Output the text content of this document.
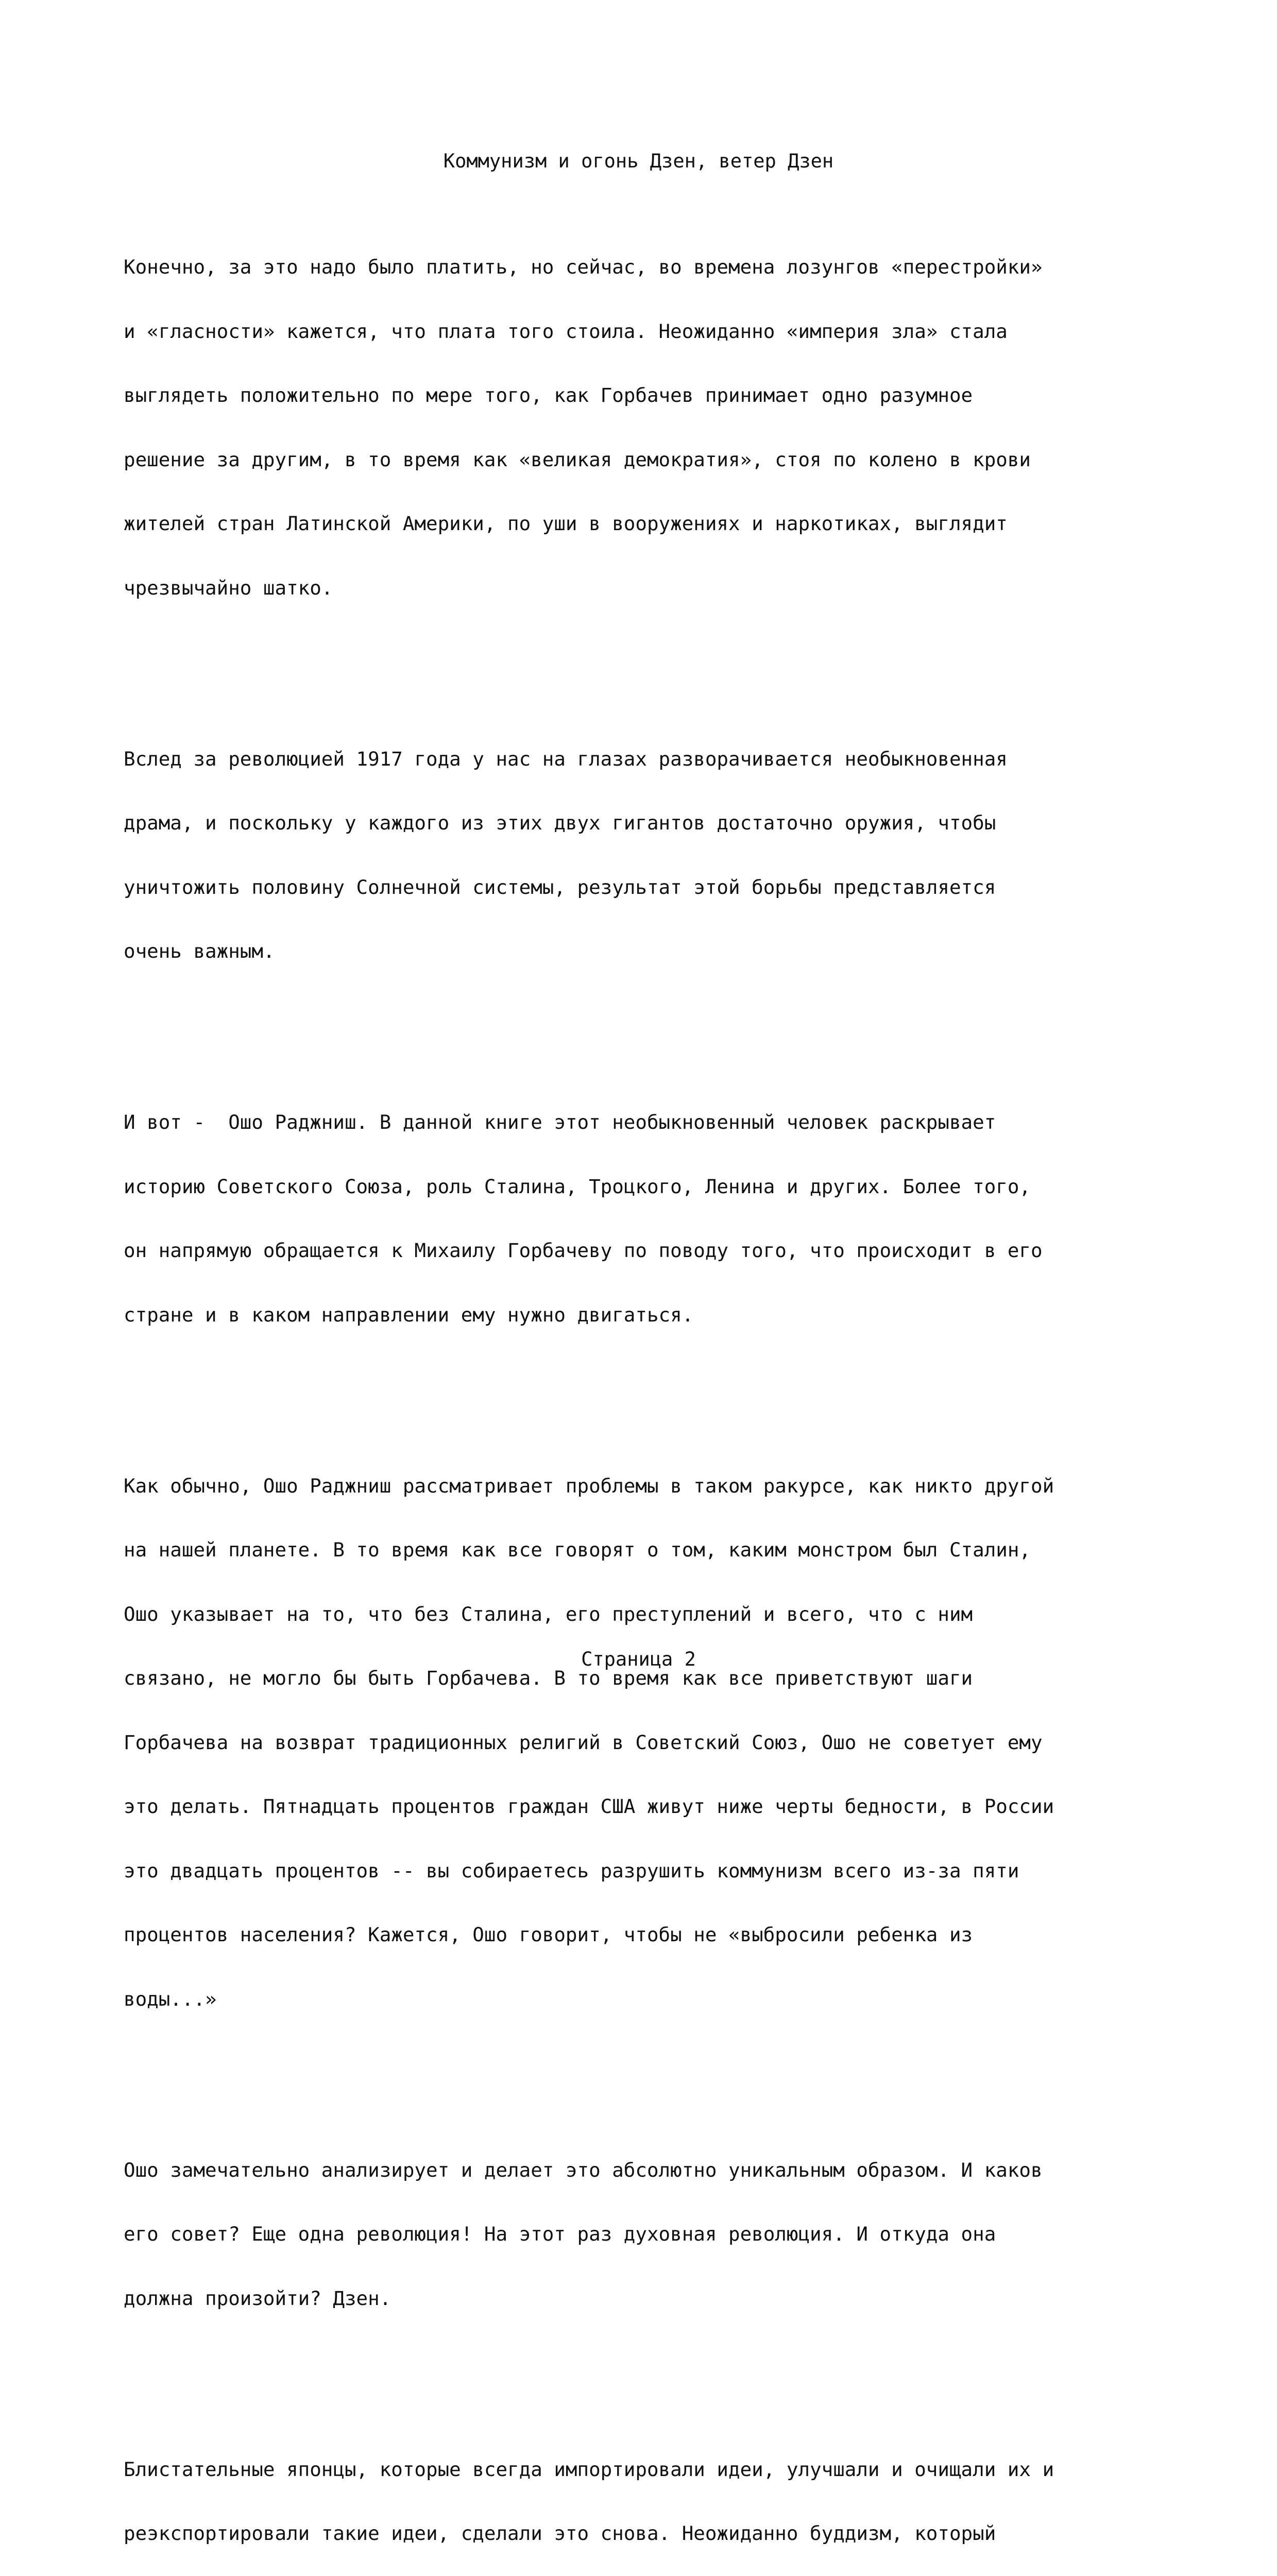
Коммунизм и огонь Дзен, ветер Дзен

Конечно, за это надо было платить, но сейчас, во времена лозунгов «перестройки»

и «гласности» кажется, что плата того стоила. Неожиданно «империя зла» стала

выглядеть положительно по мере того, как Горбачев принимает одно разумное

решение за другим, в то время как «великая демократия», стоя по колено в крови

жителей стран Латинской Америки, по уши в вооружениях и наркотиках, выглядит

чрезвычайно шатко.

Вслед за революцией 1917 года у нас на глазах разворачивается необыкновенная

драма, и поскольку у каждого из этих двух гигантов достаточно оружия, чтобы

уничтожить половину Солнечной системы, результат этой борьбы представляется

очень важным.

И вот -  Ошо Раджниш. В данной книге этот необыкновенный человек раскрывает

историю Советского Союза, роль Сталина, Троцкого, Ленина и других. Более того,

он напрямую обращается к Михаилу Горбачеву по поводу того, что происходит в его

стране и в каком направлении ему нужно двигаться.

Как обычно, Ошо Раджниш рассматривает проблемы в таком ракурсе, как никто другой

на нашей планете. В то время как все говорят о том, каким монстром был Сталин,

Ошо указывает на то, что без Сталина, его преступлений и всего, что с ним

связано, не могло бы быть Горбачева. В то время как все приветствуют шаги

Горбачева на возврат традиционных религий в Советский Союз, Ошо не советует ему

это делать. Пятнадцать процентов граждан США живут ниже черты бедности, в России

это двадцать процентов -- вы собираетесь разрушить коммунизм всего из-за пяти

процентов населения? Кажется, Ошо говорит, чтобы не «выбросили ребенка из

воды...»

Ошо замечательно анализирует и делает это абсолютно уникальным образом. И каков

его совет? Еще одна революция! На этот раз духовная революция. И откуда она

должна произойти? Дзен.

Блистательные японцы, которые всегда импортировали идеи, улучшали и очищали их и

реэкспортировали такие идеи, сделали это снова. Неожиданно буддизм, который

Страница 2
